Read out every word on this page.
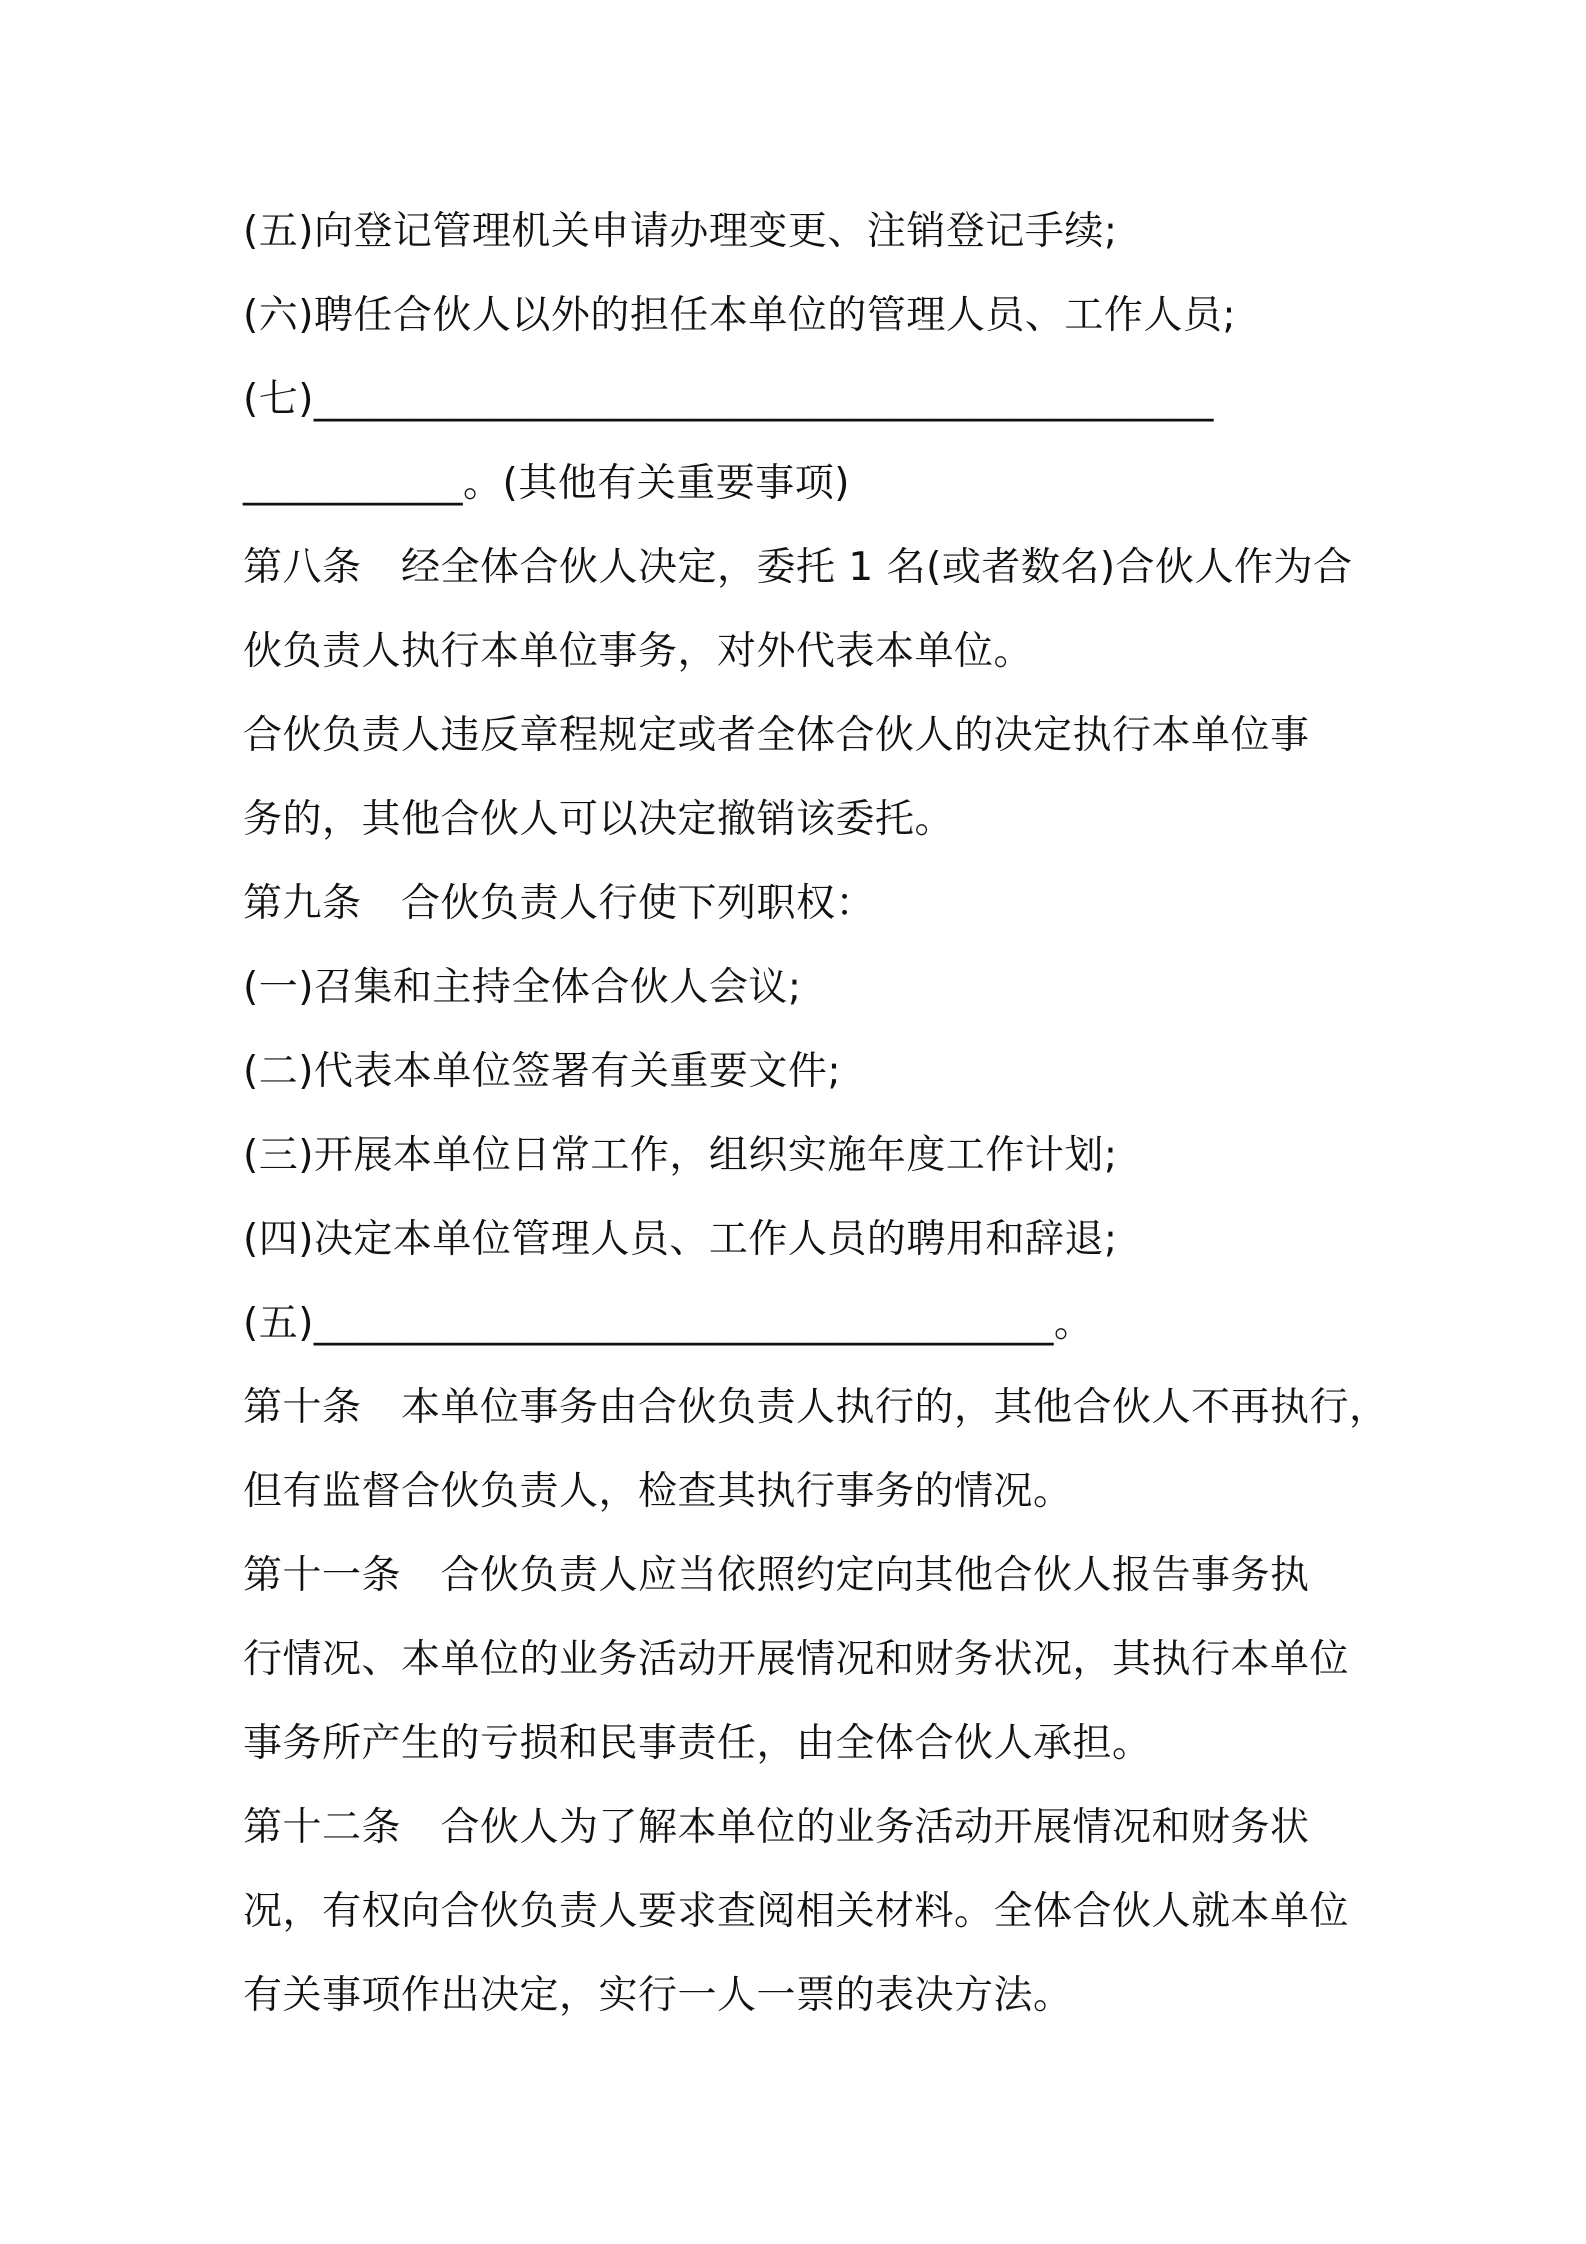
(五)向登记管理机关申请办理变更、注销登记手续;
(六)聘任合伙人以外的担任本单位的管理人员、工作人员;
(七)_____________________________________________
___________。(其他有关重要事项)
第八条　经全体合伙人决定，委托 1 名(或者数名)合伙人作为合
伙负责人执行本单位事务，对外代表本单位。
合伙负责人违反章程规定或者全体合伙人的决定执行本单位事
务的，其他合伙人可以决定撤销该委托。
第九条　合伙负责人行使下列职权：
(一)召集和主持全体合伙人会议;
(二)代表本单位签署有关重要文件;
(三)开展本单位日常工作，组织实施年度工作计划;
(四)决定本单位管理人员、工作人员的聘用和辞退;
(五)_____________________________________。
第十条　本单位事务由合伙负责人执行的，其他合伙人不再执行，
但有监督合伙负责人，检查其执行事务的情况。
第十一条　合伙负责人应当依照约定向其他合伙人报告事务执
行情况、本单位的业务活动开展情况和财务状况，其执行本单位
事务所产生的亏损和民事责任，由全体合伙人承担。
第十二条　合伙人为了解本单位的业务活动开展情况和财务状
况，有权向合伙负责人要求查阅相关材料。全体合伙人就本单位
有关事项作出决定，实行一人一票的表决方法。
